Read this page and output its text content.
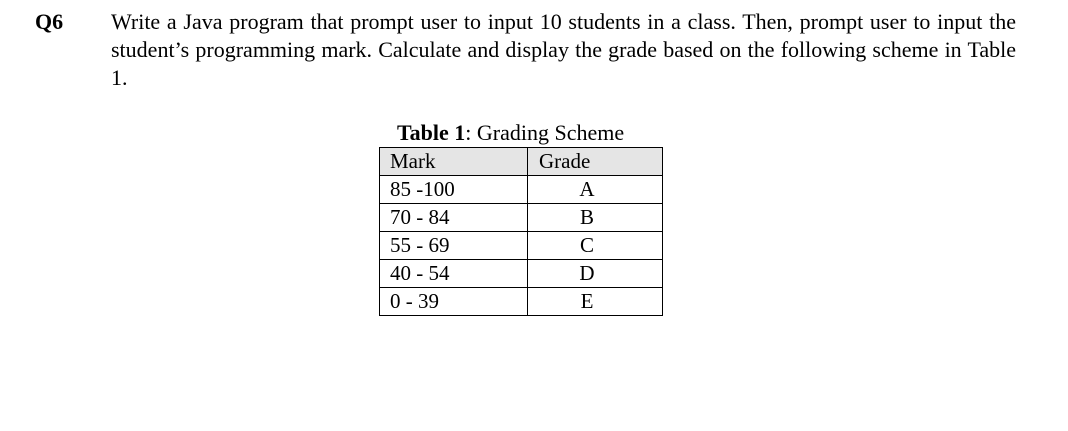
Q6 Write a Java program that prompt user to input 10 students in a class. Then, prompt user to input the student’s programming mark. Calculate and display the grade based on the following scheme in Table 1.
Table 1: Grading Scheme
Mark	Grade
85 -100	A
70 - 84	B
55 - 69	C
40 - 54	D
0 - 39	E
